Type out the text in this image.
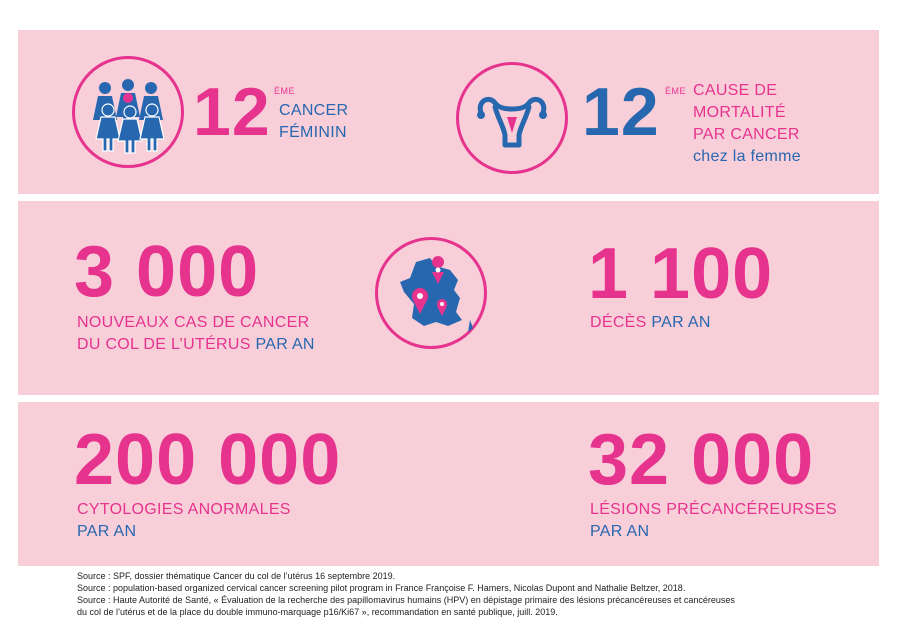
12 ÈME
CANCER
FÉMININ	12 ÈME CAUSE DE
MORTALITÉ
PAR CANCER
chez la femme
3 000
NOUVEAUX CAS DE CANCER
DU COL DE L’UTÉRUS PAR AN
1 100
DÉCÈS PAR AN
200 000
CYTOLOGIES ANORMALES
PAR AN
32 000
LÉSIONS PRÉCANCÉREURSES
PAR AN
Source : SPF, dossier thématique Cancer du col de l’utérus 16 septembre 2019.
Source : population-based organized cervical cancer screening pilot program in France Françoise F. Hamers, Nicolas Dupont and Nathalie Beltzer, 2018.
Source : Haute Autorité de Santé, « Évaluation de la recherche des papillomavirus humains (HPV) en dépistage primaire des lésions précancéreuses et cancéreuses
du col de l’utérus et de la place du double immuno-marquage p16/Ki67 », recommandation en santé publique, juill. 2019.
